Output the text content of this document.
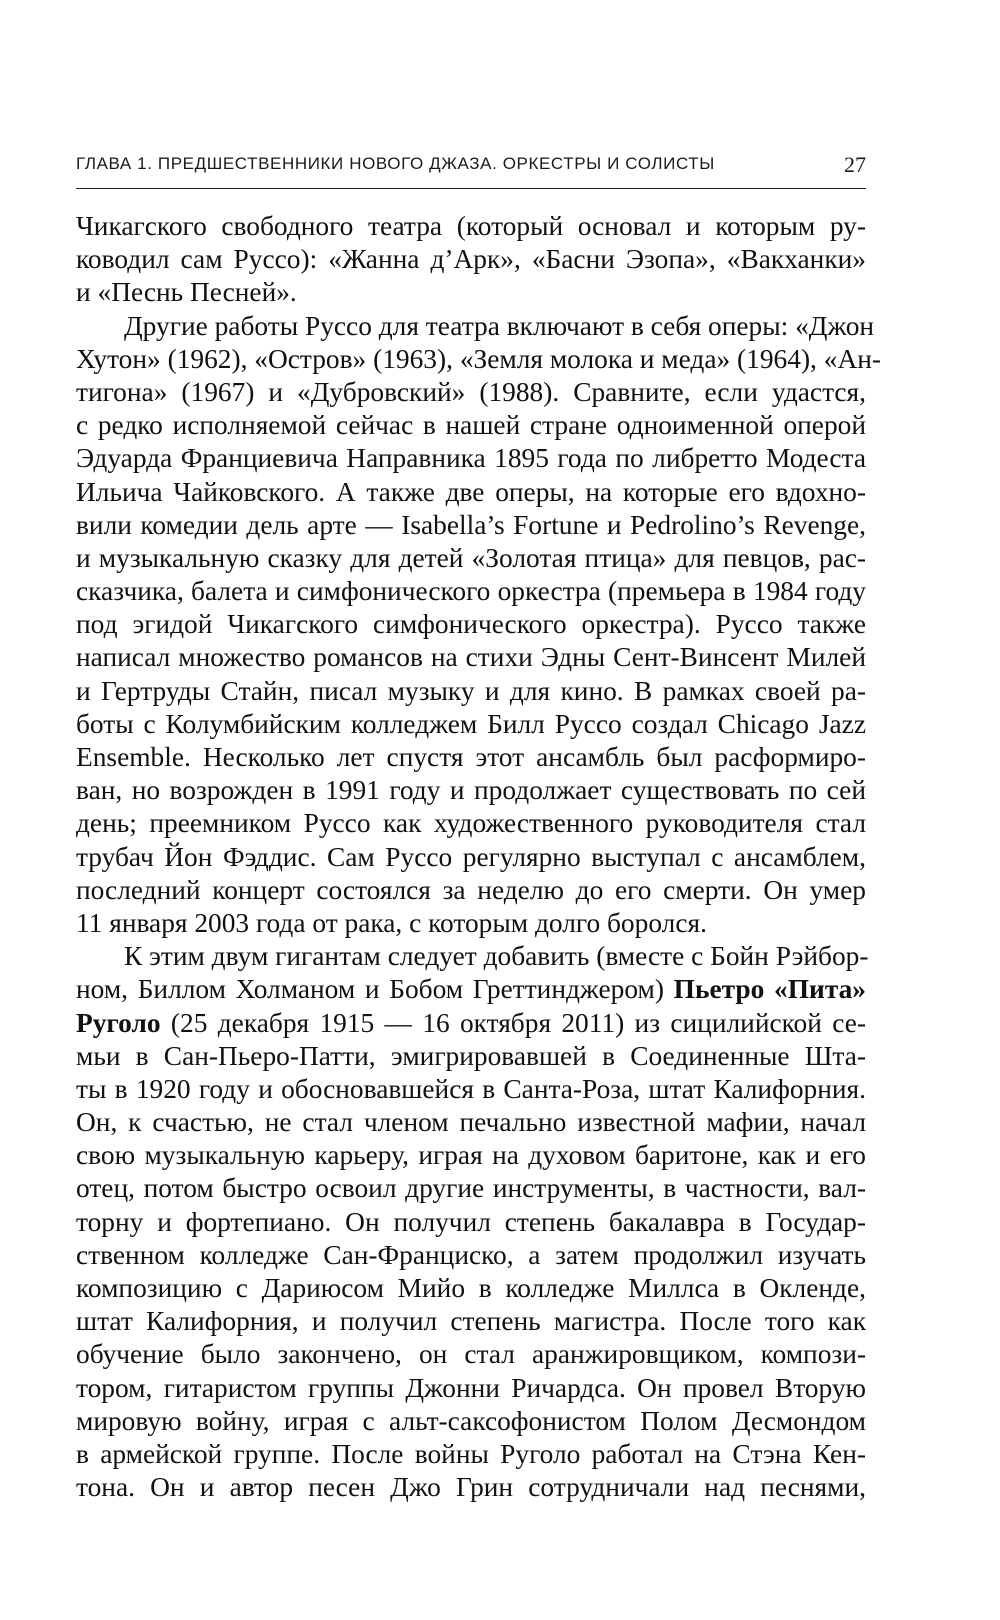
ГЛАВА 1. ПРЕДШЕСТВЕННИКИ НОВОГО ДЖАЗА. ОРКЕСТРЫ И СОЛИСТЫ	27
Чикагского свободного театра (который основал и которым ру-
ководил сам Руссо): «Жанна д’Арк», «Басни Эзопа», «Вакханки»
и «Песнь Песней».
Другие работы Руссо для театра включают в себя оперы: «Джон
Хутон» (1962), «Остров» (1963), «Земля молока и меда» (1964), «Ан-
тигона» (1967) и «Дубровский» (1988). Сравните, если удастся,
с редко исполняемой сейчас в нашей стране одноименной оперой
Эдуарда Франциевича Направника 1895 года по либретто Модеста
Ильича Чайковского. А также две оперы, на которые его вдохно-
вили комедии дель арте — Isabella’s Fortune и Pedrolino’s Revenge,
и музыкальную сказку для детей «Золотая птица» для певцов, рас-
сказчика, балета и симфонического оркестра (премьера в 1984 году
под эгидой Чикагского симфонического оркестра). Руссо также
написал множество романсов на стихи Эдны Сент-Винсент Милей
и Гертруды Стайн, писал музыку и для кино. В рамках своей ра-
боты с Колумбийским колледжем Билл Руссо создал Chicago Jazz
Ensemble. Несколько лет спустя этот ансамбль был расформиро-
ван, но возрожден в 1991 году и продолжает существовать по сей
день; преемником Руссо как художественного руководителя стал
трубач Йон Фэддис. Сам Руссо регулярно выступал с ансамблем,
последний концерт состоялся за неделю до его смерти. Он умер
11 января 2003 года от рака, с которым долго боролся.
К этим двум гигантам следует добавить (вместе с Бойн Рэйбор-
ном, Биллом Холманом и Бобом Греттинджером) Пьетро «Пита»
Руголо (25 декабря 1915 — 16 октября 2011) из сицилийской се-
мьи в Сан-Пьеро-Патти, эмигрировавшей в Соединенные Шта-
ты в 1920 году и обосновавшейся в Санта-Роза, штат Калифорния.
Он, к счастью, не стал членом печально известной мафии, начал
свою музыкальную карьеру, играя на духовом баритоне, как и его
отец, потом быстро освоил другие инструменты, в частности, вал-
торну и фортепиано. Он получил степень бакалавра в Государ-
ственном колледже Сан-Франциско, а затем продолжил изучать
композицию с Дариюсом Мийо в колледже Миллса в Окленде,
штат Калифорния, и получил степень магистра. После того как
обучение было закончено, он стал аранжировщиком, компози-
тором, гитаристом группы Джонни Ричардса. Он провел Вторую
мировую войну, играя с альт-саксофонистом Полом Десмондом
в армейской группе. После войны Руголо работал на Стэна Кен-
тона. Он и автор песен Джо Грин сотрудничали над песнями,
